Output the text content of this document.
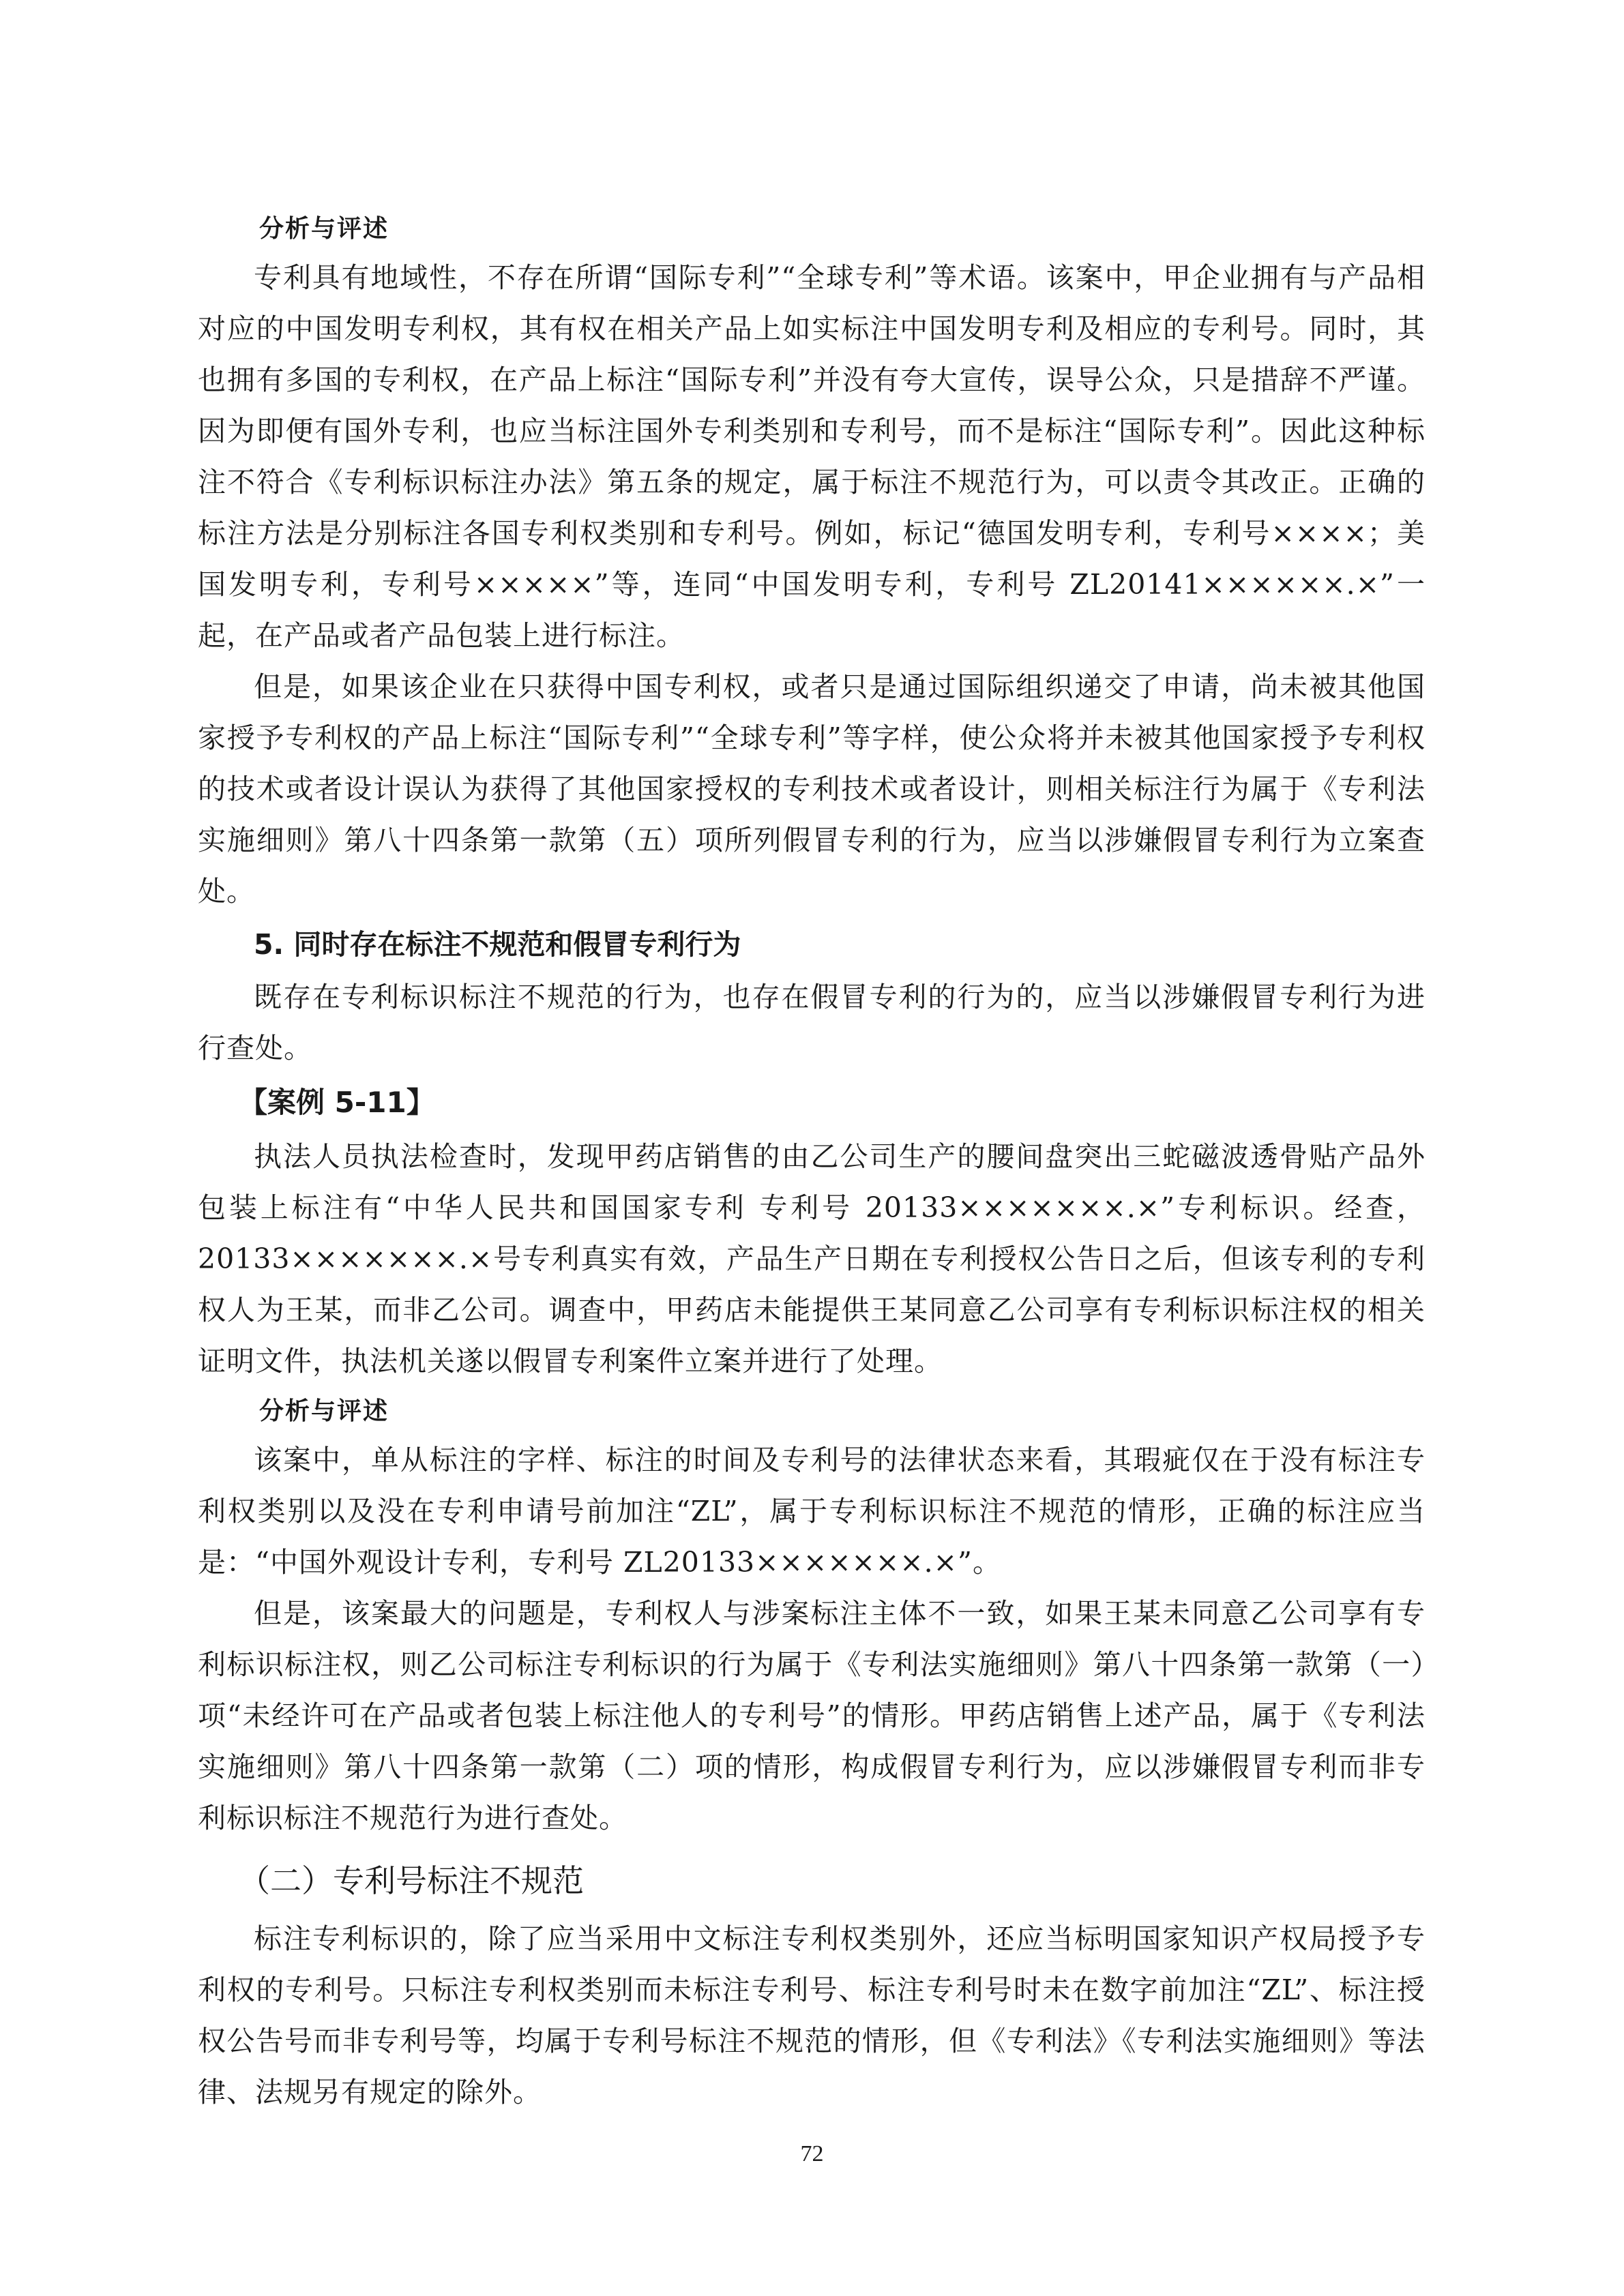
分析与评述

专利具有地域性，不存在所谓“国际专利”“全球专利”等术语。该案中，甲企业拥有与产品相对应的中国发明专利权，其有权在相关产品上如实标注中国发明专利及相应的专利号。同时，其也拥有多国的专利权，在产品上标注“国际专利”并没有夸大宣传，误导公众，只是措辞不严谨。因为即便有国外专利，也应当标注国外专利类别和专利号，而不是标注“国际专利”。因此这种标注不符合《专利标识标注办法》第五条的规定，属于标注不规范行为，可以责令其改正。正确的标注方法是分别标注各国专利权类别和专利号。例如，标记“德国发明专利，专利号××××；美国发明专利，专利号×××××”等，连同“中国发明专利，专利号 ZL20141××××××.×”一起，在产品或者产品包装上进行标注。

但是，如果该企业在只获得中国专利权，或者只是通过国际组织递交了申请，尚未被其他国家授予专利权的产品上标注“国际专利”“全球专利”等字样，使公众将并未被其他国家授予专利权的技术或者设计误认为获得了其他国家授权的专利技术或者设计，则相关标注行为属于《专利法实施细则》第八十四条第一款第（五）项所列假冒专利的行为，应当以涉嫌假冒专利行为立案查处。

5. 同时存在标注不规范和假冒专利行为

既存在专利标识标注不规范的行为，也存在假冒专利的行为的，应当以涉嫌假冒专利行为进行查处。

【案例 5-11】

执法人员执法检查时，发现甲药店销售的由乙公司生产的腰间盘突出三蛇磁波透骨贴产品外包装上标注有“中华人民共和国国家专利 专利号 20133×××××××.×”专利标识。经查，20133×××××××.×号专利真实有效，产品生产日期在专利授权公告日之后，但该专利的专利权人为王某，而非乙公司。调查中，甲药店未能提供王某同意乙公司享有专利标识标注权的相关证明文件，执法机关遂以假冒专利案件立案并进行了处理。

分析与评述

该案中，单从标注的字样、标注的时间及专利号的法律状态来看，其瑕疵仅在于没有标注专利权类别以及没在专利申请号前加注“ZL”，属于专利标识标注不规范的情形，正确的标注应当是：“中国外观设计专利，专利号 ZL20133×××××××.×”。

但是，该案最大的问题是，专利权人与涉案标注主体不一致，如果王某未同意乙公司享有专利标识标注权，则乙公司标注专利标识的行为属于《专利法实施细则》第八十四条第一款第（一）项“未经许可在产品或者包装上标注他人的专利号”的情形。甲药店销售上述产品，属于《专利法实施细则》第八十四条第一款第（二）项的情形，构成假冒专利行为，应以涉嫌假冒专利而非专利标识标注不规范行为进行查处。

（二）专利号标注不规范

标注专利标识的，除了应当采用中文标注专利权类别外，还应当标明国家知识产权局授予专利权的专利号。只标注专利权类别而未标注专利号、标注专利号时未在数字前加注“ZL”、标注授权公告号而非专利号等，均属于专利号标注不规范的情形，但《专利法》《专利法实施细则》等法律、法规另有规定的除外。

72
